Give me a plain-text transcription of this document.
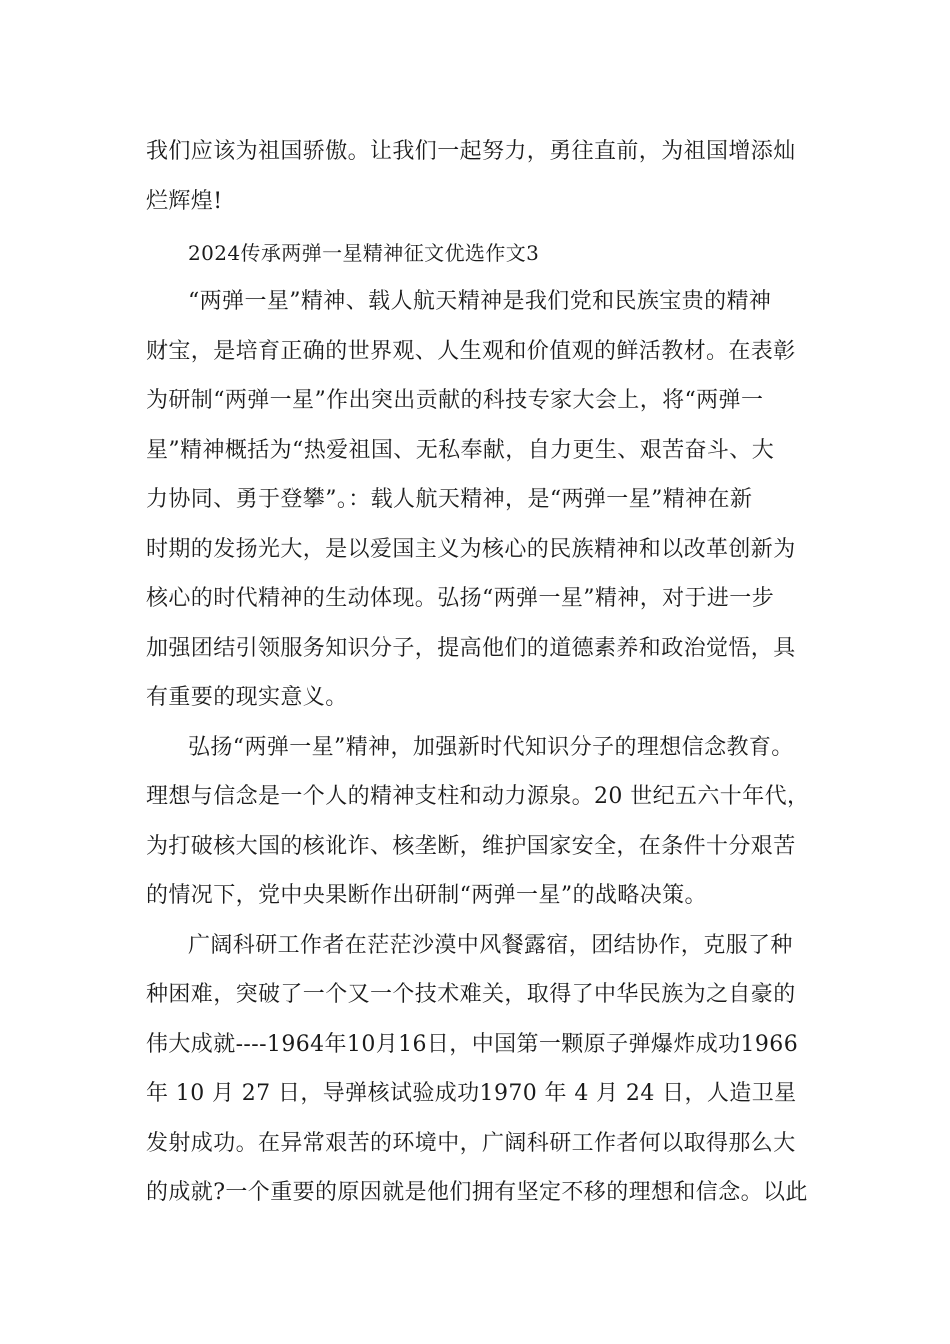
我们应该为祖国骄傲。让我们一起努力，勇往直前，为祖国增添灿
烂辉煌!
2024传承两弹一星精神征文优选作文3
“两弹一星”精神、载人航天精神是我们党和民族宝贵的精神
财宝，是培育正确的世界观、人生观和价值观的鲜活教材。在表彰
为研制“两弹一星”作出突出贡献的科技专家大会上，将“两弹一
星”精神概括为“热爱祖国、无私奉献，自力更生、艰苦奋斗、大
力协同、勇于登攀”。：载人航天精神，是“两弹一星”精神在新
时期的发扬光大，是以爱国主义为核心的民族精神和以改革创新为
核心的时代精神的生动体现。弘扬“两弹一星”精神，对于进一步
加强团结引领服务知识分子，提高他们的道德素养和政治觉悟，具
有重要的现实意义。
弘扬“两弹一星”精神，加强新时代知识分子的理想信念教育。
理想与信念是一个人的精神支柱和动力源泉。20 世纪五六十年代，
为打破核大国的核讹诈、核垄断，维护国家安全，在条件十分艰苦
的情况下，党中央果断作出研制“两弹一星”的战略决策。
广阔科研工作者在茫茫沙漠中风餐露宿，团结协作，克服了种
种困难，突破了一个又一个技术难关，取得了中华民族为之自豪的
伟大成就----1964年10月16日，中国第一颗原子弹爆炸成功1966
年 10 月 27 日，导弹核试验成功1970 年 4 月 24 日，人造卫星
发射成功。在异常艰苦的环境中，广阔科研工作者何以取得那么大
的成就?一个重要的原因就是他们拥有坚定不移的理想和信念。以此
